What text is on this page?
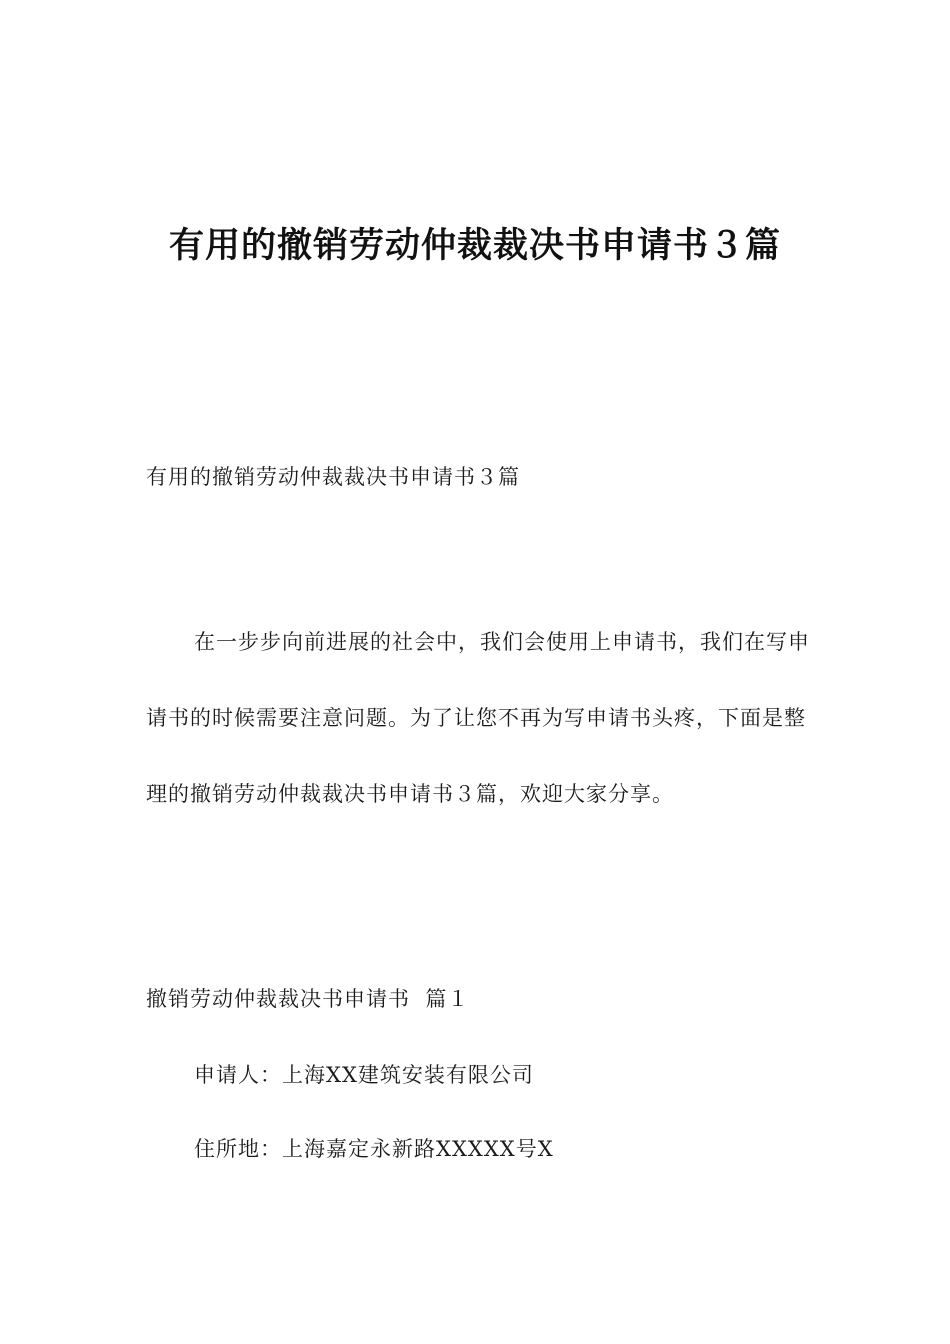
有用的撤销劳动仲裁裁决书申请书３篇

有用的撤销劳动仲裁裁决书申请书３篇

在一步步向前进展的社会中，我们会使用上申请书，我们在写申请书的时候需要注意问题。为了让您不再为写申请书头疼，下面是整理的撤销劳动仲裁裁决书申请书３篇，欢迎大家分享。

撤销劳动仲裁裁决书申请书  篇１

申请人：上海XX建筑安装有限公司

住所地：上海嘉定永新路XXXXX号X
